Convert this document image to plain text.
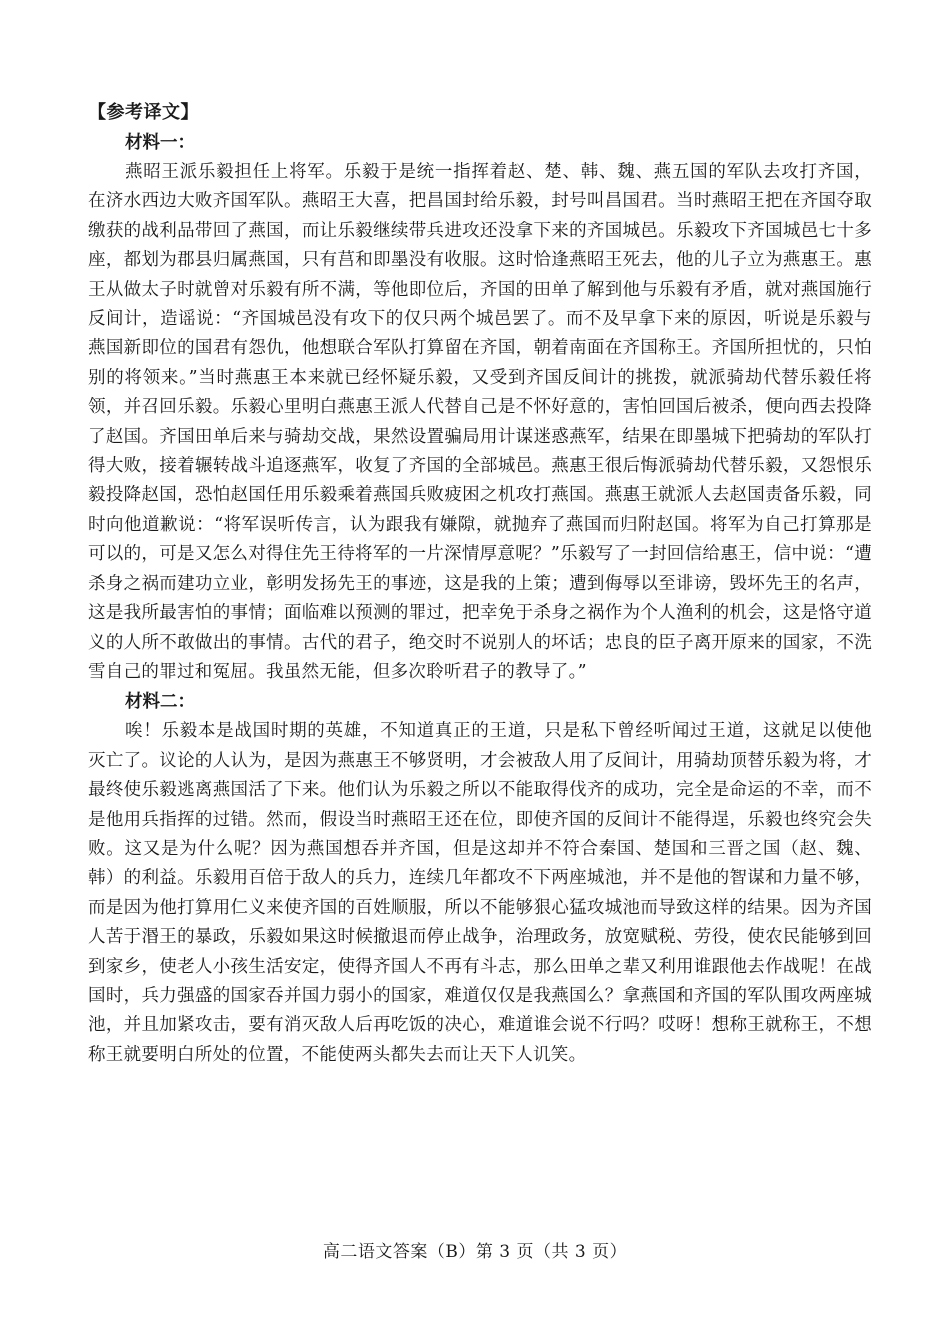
【参考译文】
材料一：

燕昭王派乐毅担任上将军。乐毅于是统一指挥着赵、楚、韩、魏、燕五国的军队去攻打齐国，在济水西边大败齐国军队。燕昭王大喜，把昌国封给乐毅，封号叫昌国君。当时燕昭王把在齐国夺取缴获的战利品带回了燕国，而让乐毅继续带兵进攻还没拿下来的齐国城邑。乐毅攻下齐国城邑七十多座，都划为郡县归属燕国，只有莒和即墨没有收服。这时恰逢燕昭王死去，他的儿子立为燕惠王。惠王从做太子时就曾对乐毅有所不满，等他即位后，齐国的田单了解到他与乐毅有矛盾，就对燕国施行反间计，造谣说：“齐国城邑没有攻下的仅只两个城邑罢了。而不及早拿下来的原因，听说是乐毅与燕国新即位的国君有怨仇，他想联合军队打算留在齐国，朝着南面在齐国称王。齐国所担忧的，只怕别的将领来。”当时燕惠王本来就已经怀疑乐毅，又受到齐国反间计的挑拨，就派骑劫代替乐毅任将领，并召回乐毅。乐毅心里明白燕惠王派人代替自己是不怀好意的，害怕回国后被杀，便向西去投降了赵国。齐国田单后来与骑劫交战，果然设置骗局用计谋迷惑燕军，结果在即墨城下把骑劫的军队打得大败，接着辗转战斗追逐燕军，收复了齐国的全部城邑。燕惠王很后悔派骑劫代替乐毅，又怨恨乐毅投降赵国，恐怕赵国任用乐毅乘着燕国兵败疲困之机攻打燕国。燕惠王就派人去赵国责备乐毅，同时向他道歉说：“将军误听传言，认为跟我有嫌隙，就抛弃了燕国而归附赵国。将军为自己打算那是可以的，可是又怎么对得住先王待将军的一片深情厚意呢？”乐毅写了一封回信给惠王，信中说：“遭杀身之祸而建功立业，彰明发扬先王的事迹，这是我的上策；遭到侮辱以至诽谤，毁坏先王的名声，这是我所最害怕的事情；面临难以预测的罪过，把幸免于杀身之祸作为个人渔利的机会，这是恪守道义的人所不敢做出的事情。古代的君子，绝交时不说别人的坏话；忠良的臣子离开原来的国家，不洗雪自己的罪过和冤屈。我虽然无能，但多次聆听君子的教导了。”

材料二：

唉！乐毅本是战国时期的英雄，不知道真正的王道，只是私下曾经听闻过王道，这就足以使他灭亡了。议论的人认为，是因为燕惠王不够贤明，才会被敌人用了反间计，用骑劫顶替乐毅为将，才最终使乐毅逃离燕国活了下来。他们认为乐毅之所以不能取得伐齐的成功，完全是命运的不幸，而不是他用兵指挥的过错。然而，假设当时燕昭王还在位，即使齐国的反间计不能得逞，乐毅也终究会失败。这又是为什么呢？因为燕国想吞并齐国，但是这却并不符合秦国、楚国和三晋之国（赵、魏、韩）的利益。乐毅用百倍于敌人的兵力，连续几年都攻不下两座城池，并不是他的智谋和力量不够，而是因为他打算用仁义来使齐国的百姓顺服，所以不能够狠心猛攻城池而导致这样的结果。因为齐国人苦于湣王的暴政，乐毅如果这时候撤退而停止战争，治理政务，放宽赋税、劳役，使农民能够到回到家乡，使老人小孩生活安定，使得齐国人不再有斗志，那么田单之辈又利用谁跟他去作战呢！在战国时，兵力强盛的国家吞并国力弱小的国家，难道仅仅是我燕国么？拿燕国和齐国的军队围攻两座城池，并且加紧攻击，要有消灭敌人后再吃饭的决心，难道谁会说不行吗？哎呀！想称王就称王，不想称王就要明白所处的位置，不能使两头都失去而让天下人讥笑。

高二语文答案（B）第 3 页（共 3 页）
